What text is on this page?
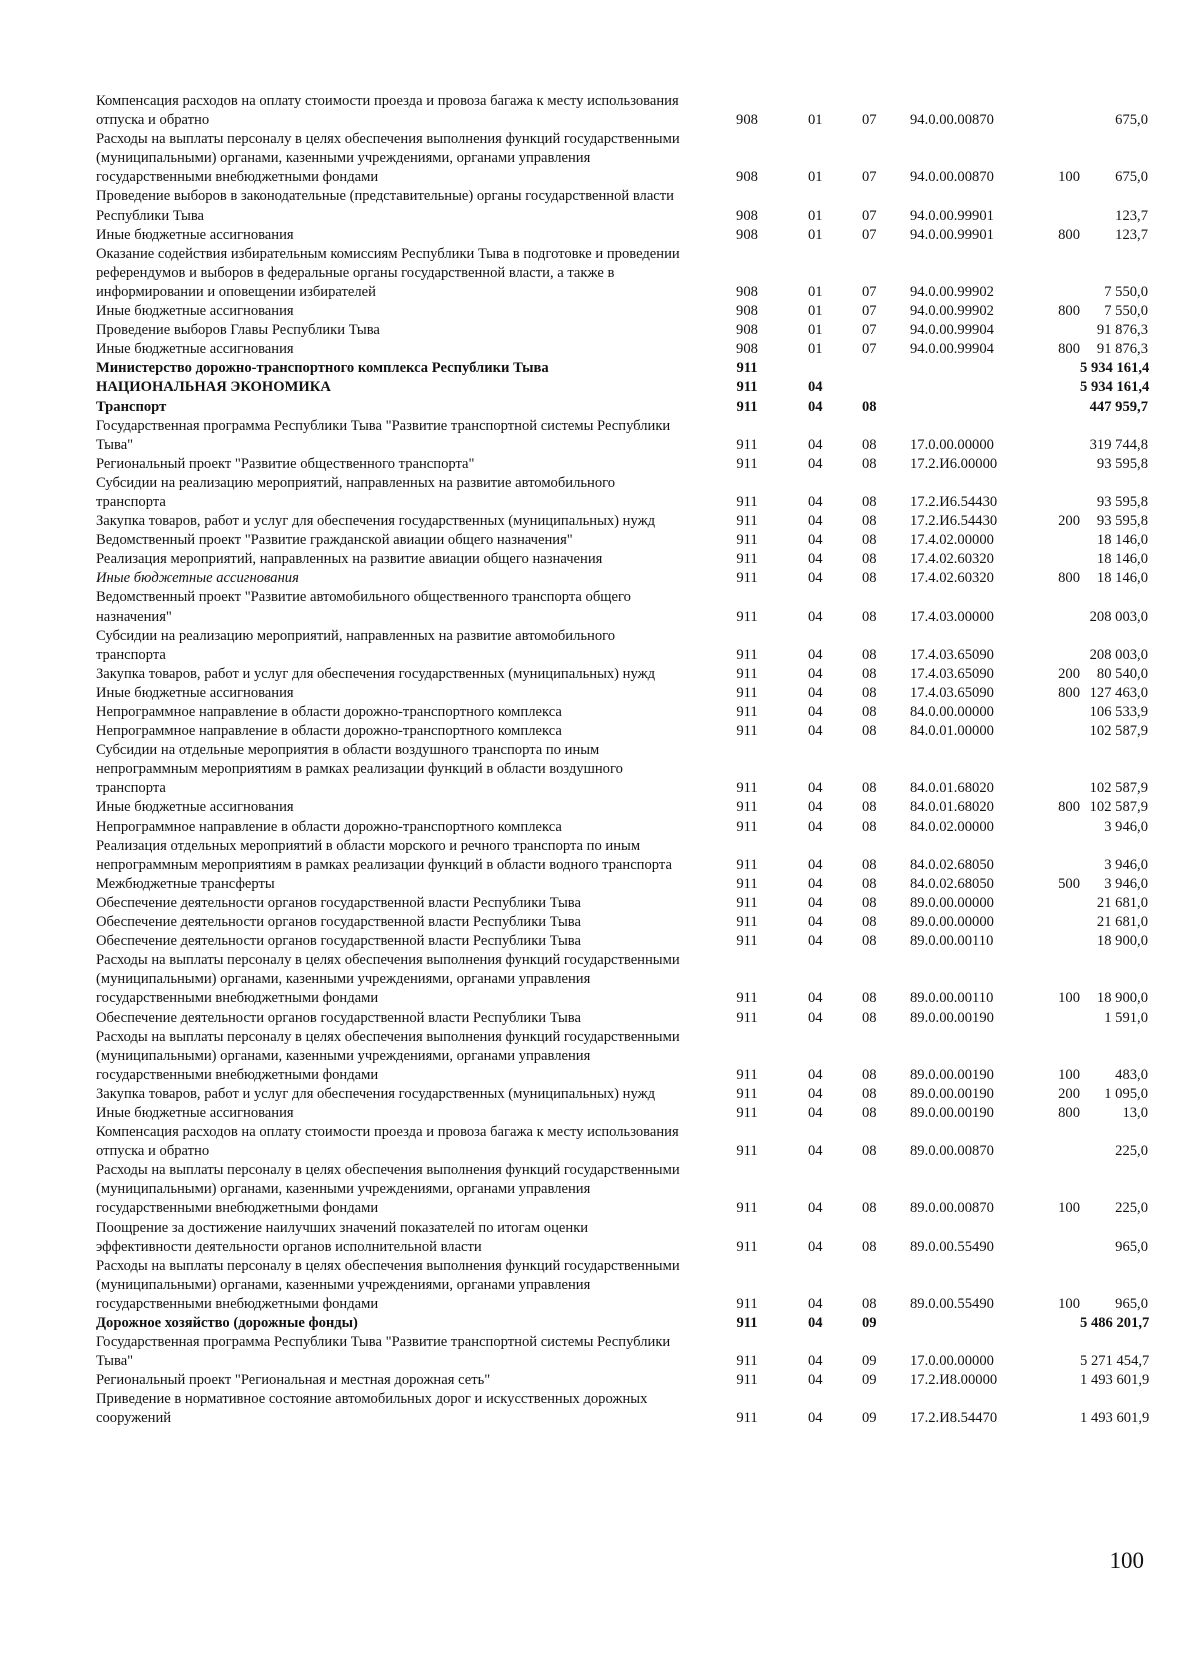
Компенсация расходов на оплату стоимости проезда и провоза багажа к месту использования отпуска и обратно	908	01	07	94.0.00.00870		675,0
Расходы на выплаты персоналу в целях обеспечения выполнения функций государственными (муниципальными) органами, казенными учреждениями, органами управления государственными внебюджетными фондами	908	01	07	94.0.00.00870	100	675,0
Проведение выборов в законодательные (представительные) органы государственной власти Республики Тыва	908	01	07	94.0.00.99901		123,7
Иные бюджетные ассигнования	908	01	07	94.0.00.99901	800	123,7
Оказание содействия избирательным комиссиям Республики Тыва в подготовке и проведении референдумов и выборов в федеральные органы государственной власти, а также в информировании и оповещении избирателей	908	01	07	94.0.00.99902		7 550,0
Иные бюджетные ассигнования	908	01	07	94.0.00.99902	800	7 550,0
Проведение выборов Главы Республики Тыва	908	01	07	94.0.00.99904		91 876,3
Иные бюджетные ассигнования	908	01	07	94.0.00.99904	800	91 876,3
Министерство дорожно-транспортного комплекса Республики Тыва	911					5 934 161,4
НАЦИОНАЛЬНАЯ ЭКОНОМИКА	911	04				5 934 161,4
Транспорт	911	04	08			447 959,7
Государственная программа Республики Тыва "Развитие транспортной системы Республики Тыва"	911	04	08	17.0.00.00000		319 744,8
Региональный проект "Развитие общественного транспорта"	911	04	08	17.2.И6.00000		93 595,8
Субсидии на реализацию мероприятий, направленных на развитие автомобильного транспорта	911	04	08	17.2.И6.54430		93 595,8
Закупка товаров, работ и услуг для обеспечения государственных (муниципальных) нужд	911	04	08	17.2.И6.54430	200	93 595,8
Ведомственный проект "Развитие гражданской авиации общего назначения"	911	04	08	17.4.02.00000		18 146,0
Реализация мероприятий, направленных на развитие авиации общего назначения	911	04	08	17.4.02.60320		18 146,0
Иные бюджетные ассигнования	911	04	08	17.4.02.60320	800	18 146,0
Ведомственный проект "Развитие автомобильного общественного транспорта общего назначения"	911	04	08	17.4.03.00000		208 003,0
Субсидии на реализацию мероприятий, направленных на развитие автомобильного транспорта	911	04	08	17.4.03.65090		208 003,0
Закупка товаров, работ и услуг для обеспечения государственных (муниципальных) нужд	911	04	08	17.4.03.65090	200	80 540,0
Иные бюджетные ассигнования	911	04	08	17.4.03.65090	800	127 463,0
Непрограммное направление в области дорожно-транспортного комплекса	911	04	08	84.0.00.00000		106 533,9
Непрограммное направление в области дорожно-транспортного комплекса	911	04	08	84.0.01.00000		102 587,9
Субсидии на отдельные мероприятия в области воздушного транспорта по иным непрограммным мероприятиям в рамках реализации функций в области воздушного транспорта	911	04	08	84.0.01.68020		102 587,9
Иные бюджетные ассигнования	911	04	08	84.0.01.68020	800	102 587,9
Непрограммное направление в области дорожно-транспортного комплекса	911	04	08	84.0.02.00000		3 946,0
Реализация отдельных мероприятий в области морского и речного транспорта по иным непрограммным мероприятиям в рамках реализации функций в области водного транспорта	911	04	08	84.0.02.68050		3 946,0
Межбюджетные трансферты	911	04	08	84.0.02.68050	500	3 946,0
Обеспечение деятельности органов государственной власти Республики Тыва	911	04	08	89.0.00.00000		21 681,0
Обеспечение деятельности органов государственной власти Республики Тыва	911	04	08	89.0.00.00000		21 681,0
Обеспечение деятельности органов государственной власти Республики Тыва	911	04	08	89.0.00.00110		18 900,0
Расходы на выплаты персоналу в целях обеспечения выполнения функций государственными (муниципальными) органами, казенными учреждениями, органами управления государственными внебюджетными фондами	911	04	08	89.0.00.00110	100	18 900,0
Обеспечение деятельности органов государственной власти Республики Тыва	911	04	08	89.0.00.00190		1 591,0
Расходы на выплаты персоналу в целях обеспечения выполнения функций государственными (муниципальными) органами, казенными учреждениями, органами управления государственными внебюджетными фондами	911	04	08	89.0.00.00190	100	483,0
Закупка товаров, работ и услуг для обеспечения государственных (муниципальных) нужд	911	04	08	89.0.00.00190	200	1 095,0
Иные бюджетные ассигнования	911	04	08	89.0.00.00190	800	13,0
Компенсация расходов на оплату стоимости проезда и провоза багажа к месту использования отпуска и обратно	911	04	08	89.0.00.00870		225,0
Расходы на выплаты персоналу в целях обеспечения выполнения функций государственными (муниципальными) органами, казенными учреждениями, органами управления государственными внебюджетными фондами	911	04	08	89.0.00.00870	100	225,0
Поощрение за достижение наилучших значений показателей по итогам оценки эффективности деятельности органов исполнительной власти	911	04	08	89.0.00.55490		965,0
Расходы на выплаты персоналу в целях обеспечения выполнения функций государственными (муниципальными) органами, казенными учреждениями, органами управления государственными внебюджетными фондами	911	04	08	89.0.00.55490	100	965,0
Дорожное хозяйство (дорожные фонды)	911	04	09			5 486 201,7
Государственная программа Республики Тыва "Развитие транспортной системы Республики Тыва"	911	04	09	17.0.00.00000		5 271 454,7
Региональный проект "Региональная и местная дорожная сеть"	911	04	09	17.2.И8.00000		1 493 601,9
Приведение в нормативное состояние автомобильных дорог и искусственных дорожных сооружений	911	04	09	17.2.И8.54470		1 493 601,9
100
